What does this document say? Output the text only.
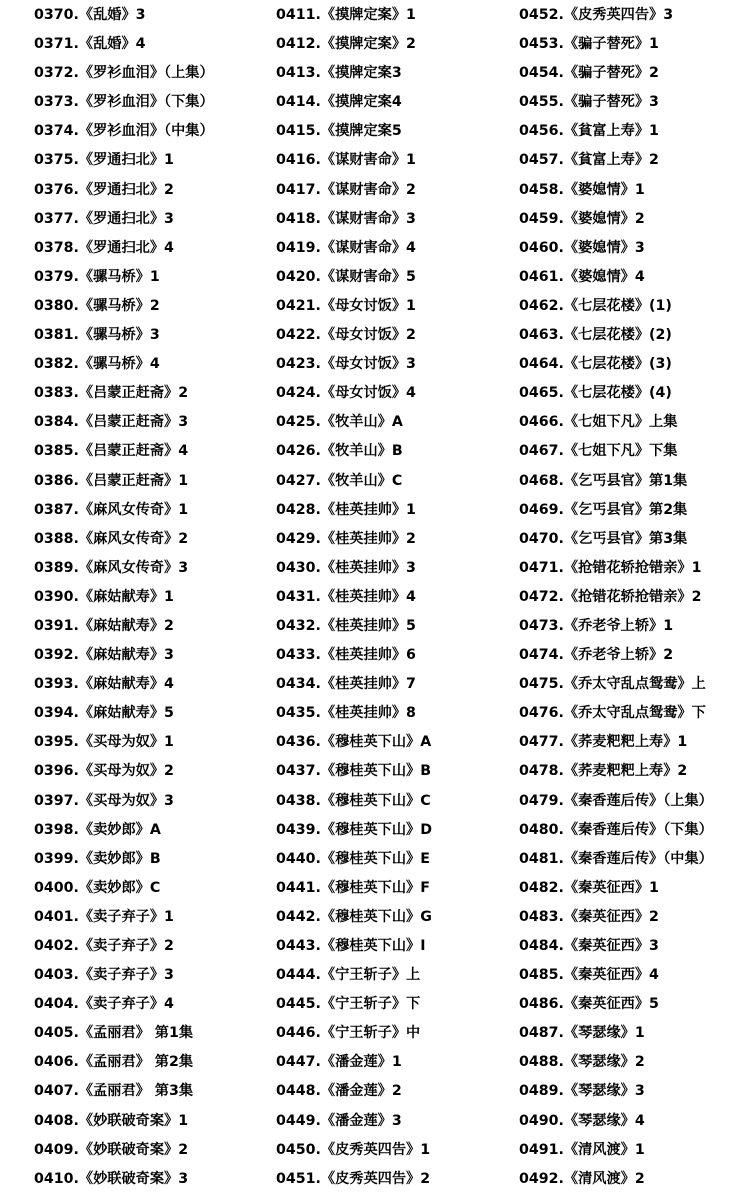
0370.《乱婚》3
0371.《乱婚》4
0372.《罗衫血泪》（上集）
0373.《罗衫血泪》（下集）
0374.《罗衫血泪》（中集）
0375.《罗通扫北》1
0376.《罗通扫北》2
0377.《罗通扫北》3
0378.《罗通扫北》4
0379.《骡马桥》1
0380.《骡马桥》2
0381.《骡马桥》3
0382.《骡马桥》4
0383.《吕蒙正赶斋》2
0384.《吕蒙正赶斋》3
0385.《吕蒙正赶斋》4
0386.《吕蒙正赶斋》1
0387.《麻风女传奇》1
0388.《麻风女传奇》2
0389.《麻风女传奇》3
0390.《麻姑献寿》1
0391.《麻姑献寿》2
0392.《麻姑献寿》3
0393.《麻姑献寿》4
0394.《麻姑献寿》5
0395.《买母为奴》1
0396.《买母为奴》2
0397.《买母为奴》3
0398.《卖妙郎》A
0399.《卖妙郎》B
0400.《卖妙郎》C
0401.《卖子弃子》1
0402.《卖子弃子》2
0403.《卖子弃子》3
0404.《卖子弃子》4
0405.《孟丽君》 第1集
0406.《孟丽君》 第2集
0407.《孟丽君》 第3集
0408.《妙联破奇案》1
0409.《妙联破奇案》2
0410.《妙联破奇案》3
0411.《摸牌定案》1
0412.《摸牌定案》2
0413.《摸牌定案3
0414.《摸牌定案4
0415.《摸牌定案5
0416.《谋财害命》1
0417.《谋财害命》2
0418.《谋财害命》3
0419.《谋财害命》4
0420.《谋财害命》5
0421.《母女讨饭》1
0422.《母女讨饭》2
0423.《母女讨饭》3
0424.《母女讨饭》4
0425.《牧羊山》A
0426.《牧羊山》B
0427.《牧羊山》C
0428.《桂英挂帅》1
0429.《桂英挂帅》2
0430.《桂英挂帅》3
0431.《桂英挂帅》4
0432.《桂英挂帅》5
0433.《桂英挂帅》6
0434.《桂英挂帅》7
0435.《桂英挂帅》8
0436.《穆桂英下山》A
0437.《穆桂英下山》B
0438.《穆桂英下山》C
0439.《穆桂英下山》D
0440.《穆桂英下山》E
0441.《穆桂英下山》F
0442.《穆桂英下山》G
0443.《穆桂英下山》I
0444.《宁王斩子》上
0445.《宁王斩子》下
0446.《宁王斩子》中
0447.《潘金莲》1
0448.《潘金莲》2
0449.《潘金莲》3
0450.《皮秀英四告》1
0451.《皮秀英四告》2
0452.《皮秀英四告》3
0453.《骗子替死》1
0454.《骗子替死》2
0455.《骗子替死》3
0456.《貧富上寿》1
0457.《貧富上寿》2
0458.《婆媳情》1
0459.《婆媳情》2
0460.《婆媳情》3
0461.《婆媳情》4
0462.《七层花楼》(1)
0463.《七层花楼》(2)
0464.《七层花楼》(3)
0465.《七层花楼》(4)
0466.《七姐下凡》上集
0467.《七姐下凡》下集
0468.《乞丐县官》第1集
0469.《乞丐县官》第2集
0470.《乞丐县官》第3集
0471.《抢错花轿抢错亲》1
0472.《抢错花轿抢错亲》2
0473.《乔老爷上轿》1
0474.《乔老爷上轿》2
0475.《乔太守乱点鸳鸯》上
0476.《乔太守乱点鸳鸯》下
0477.《荞麦粑粑上寿》1
0478.《荞麦粑粑上寿》2
0479.《秦香莲后传》（上集）
0480.《秦香莲后传》（下集）
0481.《秦香莲后传》（中集）
0482.《秦英征西》1
0483.《秦英征西》2
0484.《秦英征西》3
0485.《秦英征西》4
0486.《秦英征西》5
0487.《琴瑟缘》1
0488.《琴瑟缘》2
0489.《琴瑟缘》3
0490.《琴瑟缘》4
0491.《清风渡》1
0492.《清风渡》2
